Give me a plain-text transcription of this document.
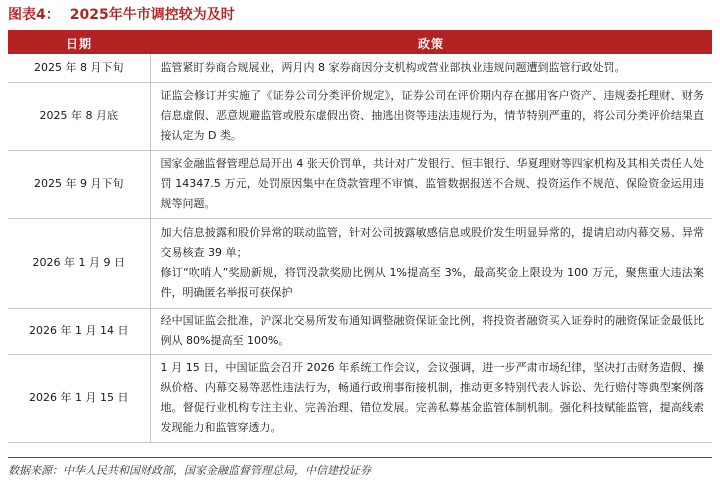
图表4： 2025年牛市调控较为及时
日期	政策
2025 年 8 月下旬	监管紧盯券商合规展业，两月内 8 家券商因分支机构或营业部执业违规问题遭到监管行政处罚。

2025 年 8 月底	证监会修订并实施了《证券公司分类评价规定》，证券公司在评价期内存在挪用客户资产、违规委托理财、财务信息虚假、恶意规避监管或股东虚假出资、抽逃出资等违法违规行为，情节特别严重的，将公司分类评价结果直接认定为 D 类。

2025 年 9 月下旬	国家金融监督管理总局开出 4 张天价罚单，共计对广发银行、恒丰银行、华夏理财等四家机构及其相关责任人处罚 14347.5 万元，处罚原因集中在贷款管理不审慎、监管数据报送不合规、投资运作不规范、保险资金运用违规等问题。

2026 年 1 月 9 日	加大信息披露和股价异常的联动监管，针对公司披露敏感信息或股价发生明显异常的，提请启动内幕交易、异常交易核查 39 单；
修订“吹哨人”奖励新规，将罚没款奖励比例从 1%提高至 3%，最高奖金上限设为 100 万元，聚焦重大违法案件，明确匿名举报可获保护

2026 年 1 月 14 日	经中国证监会批准，沪深北交易所发布通知调整融资保证金比例，将投资者融资买入证券时的融资保证金最低比例从 80%提高至 100%。

2026 年 1 月 15 日	1 月 15 日，中国证监会召开 2026 年系统工作会议，会议强调，进一步严肃市场纪律，坚决打击财务造假、操纵价格、内幕交易等恶性违法行为，畅通行政刑事衔接机制，推动更多特别代表人诉讼、先行赔付等典型案例落地。督促行业机构专注主业、完善治理、错位发展。完善私募基金监管体制机制。强化科技赋能监管，提高线索发现能力和监管穿透力。
数据来源：中华人民共和国财政部，国家金融监督管理总局，中信建投证券
